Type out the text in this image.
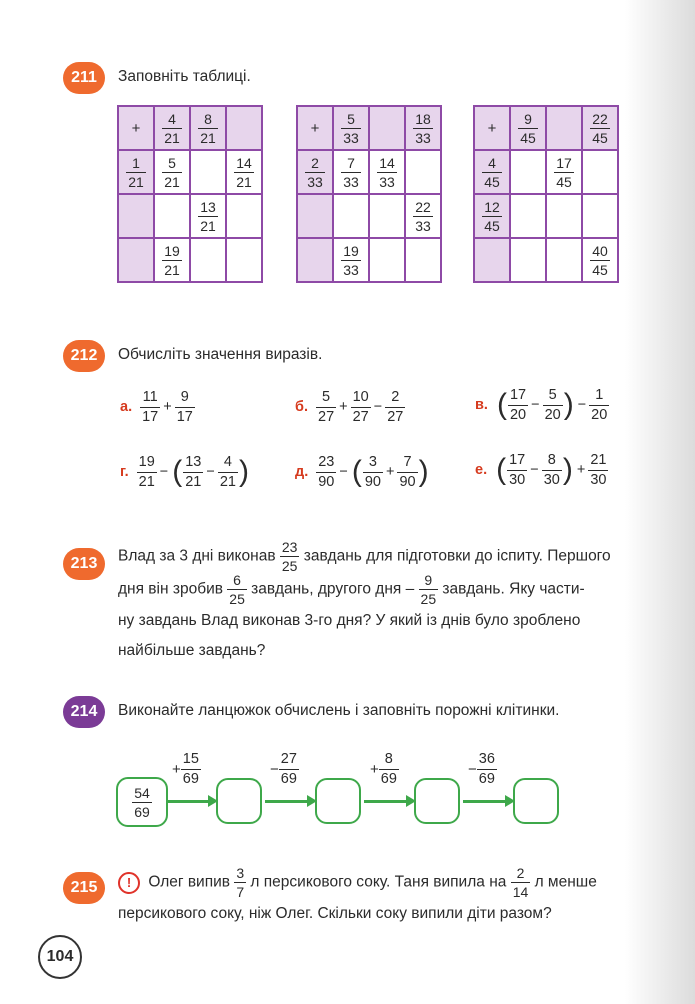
211	Заповніть таблиці.
+	$\frac{4}{21}$	$\frac{8}{21}$

$\frac{1}{21}$	$\frac{5}{21}$		$\frac{14}{21}$

		$\frac{13}{21}$

	$\frac{19}{21}$

+	$\frac{5}{33}$		$\frac{18}{33}$

$\frac{2}{33}$	$\frac{7}{33}$	$\frac{14}{33}$

			$\frac{22}{33}$

	$\frac{19}{33}$

+	$\frac{9}{45}$		$\frac{22}{45}$

$\frac{4}{45}$		$\frac{17}{45}$

$\frac{12}{45}$

			$\frac{40}{45}$
212	Обчисліть значення виразів.
а.
11
17
+ $\frac{9}{17}$	б.
5
27
+ $\frac{10}{27} - \frac{2}{27}$	в. ( 17
20
− $\frac{5}{20}$ ) − $\frac{1}{20}$
г.
19
21
− ( 13
21
− $\frac{4}{21}$ )	д.
23
90
− ( 3
90
+ $\frac{7}{90}$ )	е. ( 17
30
− $\frac{8}{30}$ ) + $\frac{21}{30}$
213	Влад за 3 дні виконав $\frac{23}{25}$ завдань для підготовки до іспиту. Першого
дня він зробив $\frac{6}{25}$ завдань, другого дня – $\frac{9}{25}$ завдань. Яку части-
ну завдань Влад виконав 3-го дня? У який із днів було зроблено
найбільше завдань?
214	Виконайте ланцюжок обчислень і заповніть порожні клітинки.
54
69
+ $\frac{15}{69}$	− $\frac{27}{69}$	+ $\frac{8}{69}$	− $\frac{36}{69}$
215	! Олег випив $\frac{3}{7}$ л персикового соку. Таня випила на $\frac{2}{14}$ л менше
персикового соку, ніж Олег. Скільки соку випили діти разом?
104
